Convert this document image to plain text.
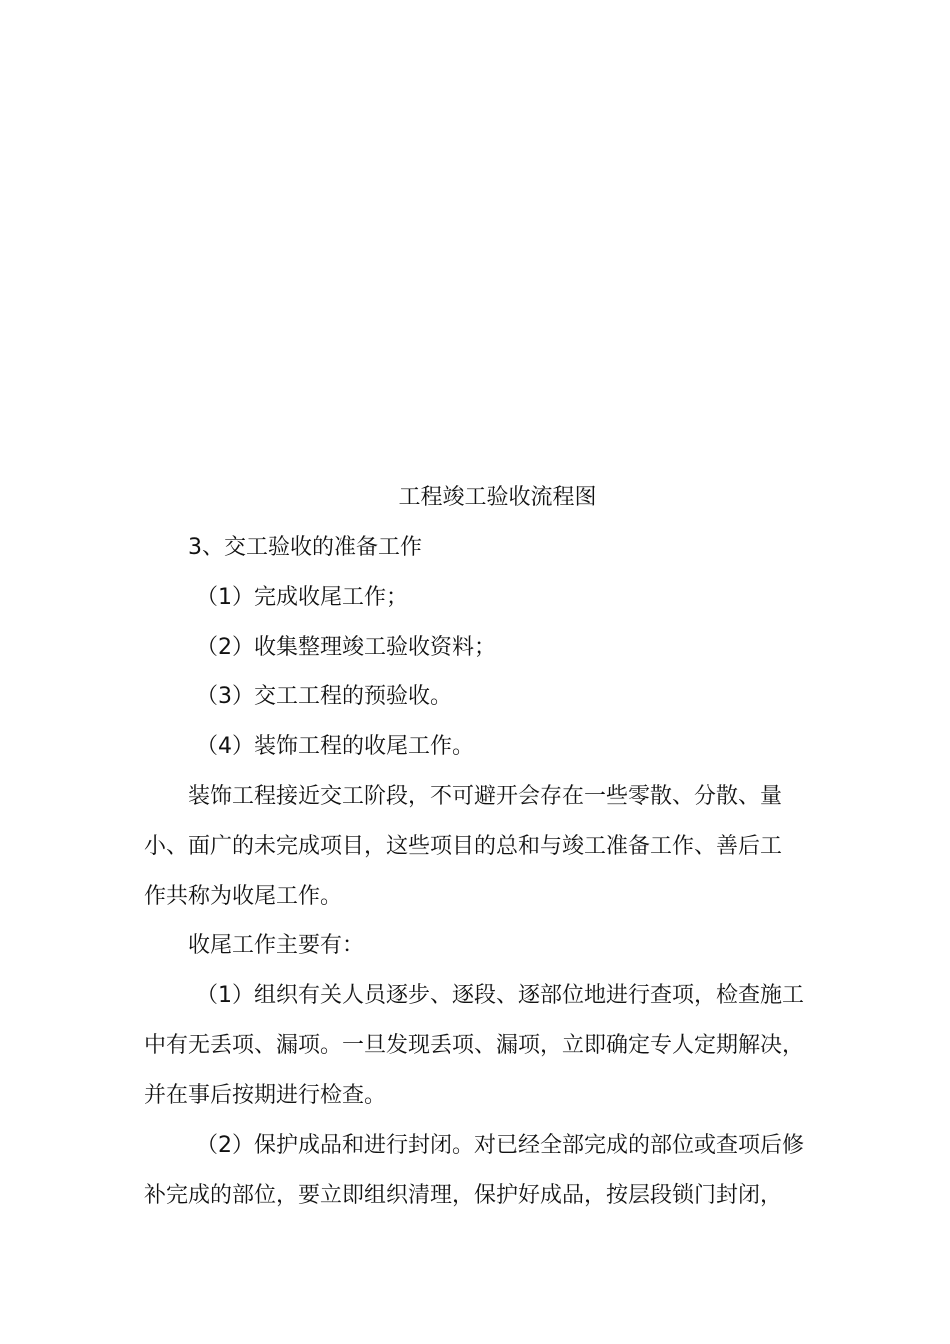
工程竣工验收流程图
3、交工验收的准备工作
（1）完成收尾工作；
（2）收集整理竣工验收资料；
（3）交工工程的预验收。
（4）装饰工程的收尾工作。
装饰工程接近交工阶段，不可避开会存在一些零散、分散、量
小、面广的未完成项目，这些项目的总和与竣工准备工作、善后工
作共称为收尾工作。
收尾工作主要有：
（1）组织有关人员逐步、逐段、逐部位地进行查项，检查施工
中有无丢项、漏项。一旦发现丢项、漏项，立即确定专人定期解决，
并在事后按期进行检查。
（2）保护成品和进行封闭。对已经全部完成的部位或查项后修
补完成的部位，要立即组织清理，保护好成品，按层段锁门封闭，
